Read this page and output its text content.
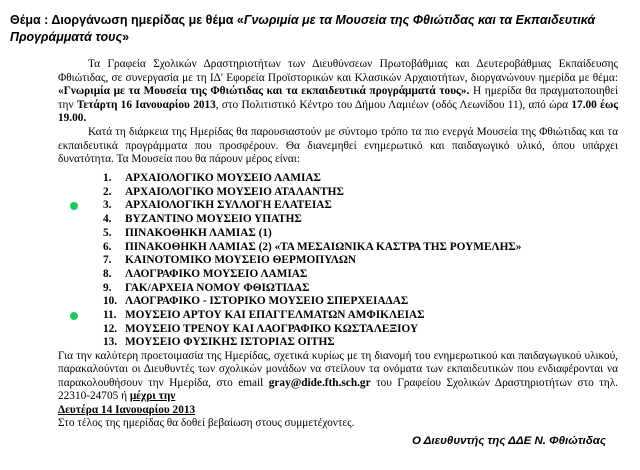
Θέμα : Διοργάνωση ημερίδας με θέμα «Γνωριμία με τα Μουσεία της Φθιώτιδας και τα Εκπαιδευτικά Προγράμματά τους»

Τα Γραφεία Σχολικών Δραστηριοτήτων των Διευθύνσεων Πρωτοβάθμιας και Δευτεροβάθμιας Εκπαίδευσης Φθιώτιδας, σε συνεργασία με τη ΙΔ' Εφορεία Προϊστορικών και Κλασικών Αρχαιοτήτων, διοργανώνουν ημερίδα με θέμα: «Γνωριμία με τα Μουσεία της Φθιώτιδας και τα εκπαιδευτικά προγράμματά τους». Η ημερίδα θα πραγματοποιηθεί την Τετάρτη 16 Ιανουαρίου 2013, στο Πολιτιστικό Κέντρο του Δήμου Λαμιέων (οδός Λεωνίδου 11), από ώρα 17.00 έως 19.00.

Κατά τη διάρκεια της Ημερίδας θα παρουσιαστούν με σύντομο τρόπο τα πιο ενεργά Μουσεία της Φθιώτιδας και τα εκπαιδευτικά προγράμματα που προσφέρουν. Θα διανεμηθεί ενημερωτικό και παιδαγωγικό υλικό, όπου υπάρχει δυνατότητα. Τα Μουσεία που θα πάρουν μέρος είναι:

1. ΑΡΧΑΙΟΛΟΓΙΚΟ ΜΟΥΣΕΙΟ ΛΑΜΙΑΣ
2. ΑΡΧΑΙΟΛΟΓΙΚΟ ΜΟΥΣΕΙΟ ΑΤΑΛΑΝΤΗΣ
3. ΑΡΧΑΙΟΛΟΓΙΚΗ ΣΥΛΛΟΓΗ ΕΛΑΤΕΙΑΣ
4. ΒΥΖΑΝΤΙΝΟ ΜΟΥΣΕΙΟ ΥΠΑΤΗΣ
5. ΠΙΝΑΚΟΘΗΚΗ ΛΑΜΙΑΣ (1)
6. ΠΙΝΑΚΟΘΗΚΗ ΛΑΜΙΑΣ (2) «ΤΑ ΜΕΣΑΙΩΝΙΚΑ ΚΑΣΤΡΑ ΤΗΣ ΡΟΥΜΕΛΗΣ»
7. ΚΑΙΝΟΤΟΜΙΚΟ ΜΟΥΣΕΙΟ ΘΕΡΜΟΠΥΛΩΝ
8. ΛΑΟΓΡΑΦΙΚΟ ΜΟΥΣΕΙΟ ΛΑΜΙΑΣ
9. ΓΑΚ/ΑΡΧΕΙΑ ΝΟΜΟΥ ΦΘΙΩΤΙΔΑΣ
10. ΛΑΟΓΡΑΦΙΚΟ - ΙΣΤΟΡΙΚΟ ΜΟΥΣΕΙΟ ΣΠΕΡΧΕΙΑΔΑΣ
11. ΜΟΥΣΕΙΟ ΑΡΤΟΥ ΚΑΙ ΕΠΑΓΓΕΛΜΑΤΩΝ ΑΜΦΙΚΛΕΙΑΣ
12. ΜΟΥΣΕΙΟ ΤΡΕΝΟΥ ΚΑΙ ΛΑΟΓΡΑΦΙΚΟ ΚΩΣΤΑΛΕΞΙΟΥ
13. ΜΟΥΣΕΙΟ ΦΥΣΙΚΗΣ ΙΣΤΟΡΙΑΣ ΟΙΤΗΣ

Για την καλύτερη προετοιμασία της Ημερίδας, σχετικά κυρίως με τη διανομή του ενημερωτικού και παιδαγωγικού υλικού, παρακαλούνται οι Διευθυντές των σχολικών μονάδων να στείλουν τα ονόματα των εκπαιδευτικών που ενδιαφέρονται να παρακολουθήσουν την Ημερίδα, στο email gray@dide.fth.sch.gr του Γραφείου Σχολικών Δραστηριοτήτων στο τηλ. 22310-24705 ή μέχρι την
Δευτέρα 14 Ιανουαρίου 2013

Στο τέλος της ημερίδας θα δοθεί βεβαίωση στους συμμετέχοντες.

Ο Διευθυντής της ΔΔΕ Ν. Φθιώτιδας
